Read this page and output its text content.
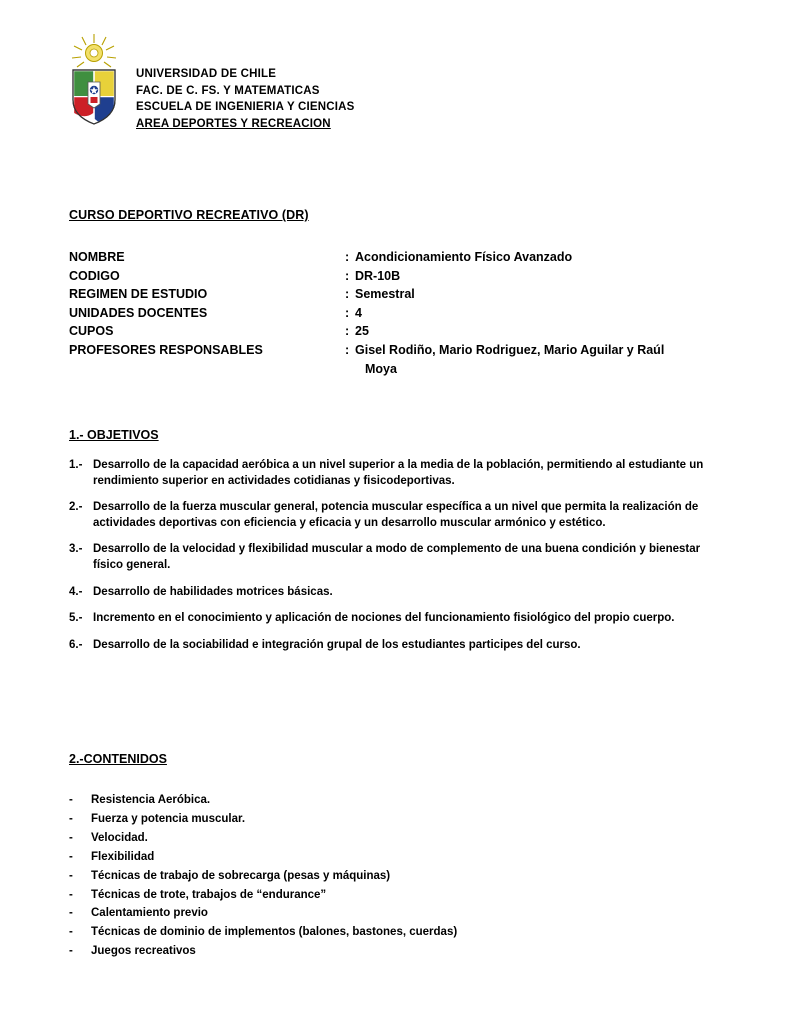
UNIVERSIDAD DE CHILE
FAC. DE C. FS. Y MATEMATICAS
ESCUELA DE INGENIERIA Y CIENCIAS
AREA DEPORTES Y RECREACION
CURSO DEPORTIVO RECREATIVO (DR)
NOMBRE	: Acondicionamiento Físico Avanzado
CODIGO	: DR-10B
REGIMEN DE ESTUDIO	: Semestral
UNIDADES DOCENTES	: 4
CUPOS	: 25
PROFESORES RESPONSABLES	: Gisel Rodiño, Mario Rodriguez, Mario Aguilar y Raúl
Moya
1.- OBJETIVOS
1.- Desarrollo de la capacidad aeróbica a un nivel superior a la media de la población, permitiendo al estudiante un rendimiento superior en actividades cotidianas y fisicodeportivas.
2.- Desarrollo de la fuerza muscular general, potencia muscular específica a un nivel que permita la realización de actividades deportivas con eficiencia y eficacia y un desarrollo muscular armónico y estético.
3.- Desarrollo de la velocidad y flexibilidad muscular a modo de complemento de una buena condición y bienestar físico general.
4.- Desarrollo de habilidades motrices básicas.
5.- Incremento en el conocimiento y aplicación de nociones del funcionamiento fisiológico del propio cuerpo.
6.- Desarrollo de la sociabilidad e integración grupal de los estudiantes participes del curso.
2.-CONTENIDOS
-	Resistencia Aeróbica.
-	Fuerza y potencia muscular.
-	Velocidad.
-	Flexibilidad
-	Técnicas de trabajo de sobrecarga (pesas y máquinas)
-	Técnicas de trote, trabajos de “endurance”
-	Calentamiento previo
-	Técnicas de dominio de implementos (balones, bastones, cuerdas)
-	Juegos recreativos
